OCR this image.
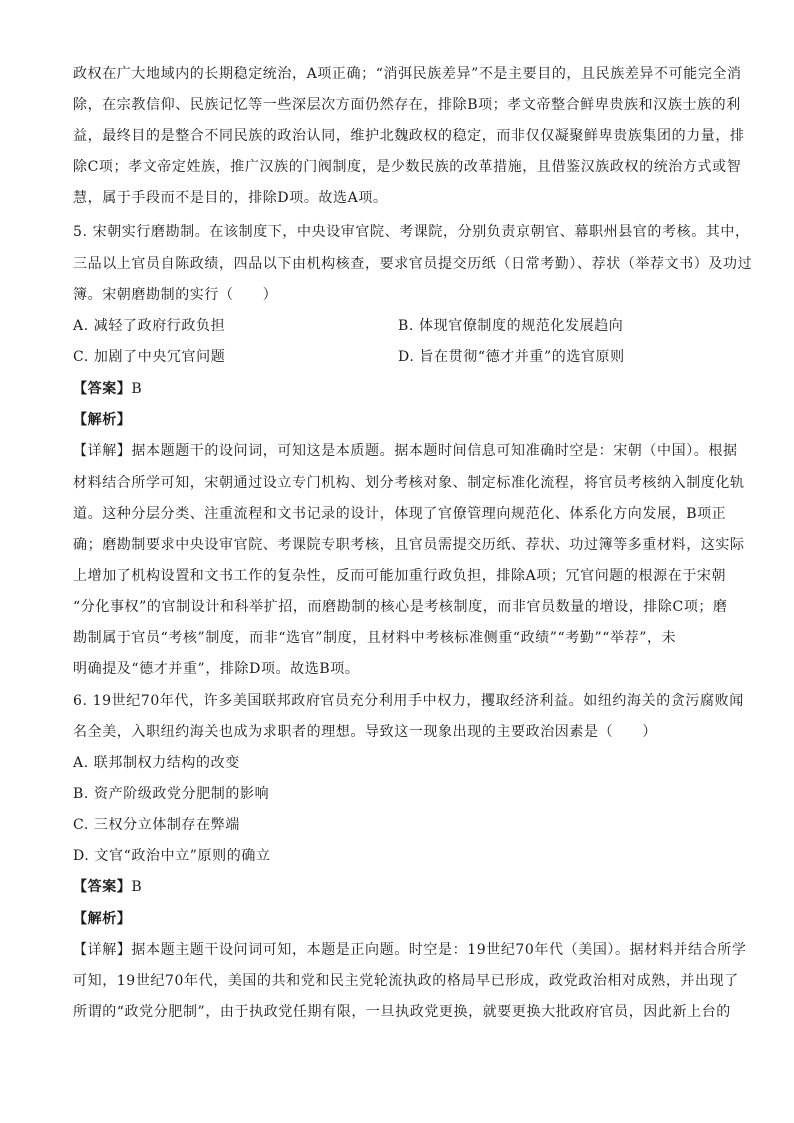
政权在广大地域内的长期稳定统治，A项正确；“消弭民族差异”不是主要目的，且民族差异不可能完全消
除，在宗教信仰、民族记忆等一些深层次方面仍然存在，排除B项；孝文帝整合鲜卑贵族和汉族士族的利
益，最终目的是整合不同民族的政治认同，维护北魏政权的稳定，而非仅仅凝聚鲜卑贵族集团的力量，排
除C项；孝文帝定姓族，推广汉族的门阀制度，是少数民族的改革措施，且借鉴汉族政权的统治方式或智
慧，属于手段而不是目的，排除D项。故选A项。
5. 宋朝实行磨勘制。在该制度下，中央设审官院、考课院，分别负责京朝官、幕职州县官的考核。其中，
三品以上官员自陈政绩，四品以下由机构核查，要求官员提交历纸（日常考勤）、荐状（举荐文书）及功过
簿。宋朝磨勘制的实行（　　）
A. 减轻了政府行政负担	B. 体现官僚制度的规范化发展趋向
C. 加剧了中央冗官问题	D. 旨在贯彻“德才并重”的选官原则
【答案】B
【解析】
【详解】据本题题干的设问词，可知这是本质题。据本题时间信息可知准确时空是：宋朝（中国）。根据
材料结合所学可知，宋朝通过设立专门机构、划分考核对象、制定标准化流程，将官员考核纳入制度化轨
道。这种分层分类、注重流程和文书记录的设计，体现了官僚管理向规范化、体系化方向发展，B项正
确；磨勘制要求中央设审官院、考课院专职考核，且官员需提交历纸、荐状、功过簿等多重材料，这实际
上增加了机构设置和文书工作的复杂性，反而可能加重行政负担，排除A项；冗官问题的根源在于宋朝
“分化事权”的官制设计和科举扩招，而磨勘制的核心是考核制度，而非官员数量的增设，排除C项；磨
勘制属于官员“考核”制度，而非“选官”制度，且材料中考核标准侧重“政绩”“考勤”“举荐”，未
明确提及“德才并重”，排除D项。故选B项。
6. 19世纪70年代，许多美国联邦政府官员充分利用手中权力，攫取经济利益。如纽约海关的贪污腐败闻
名全美，入职纽约海关也成为求职者的理想。导致这一现象出现的主要政治因素是（　　）
A. 联邦制权力结构的改变
B. 资产阶级政党分肥制的影响
C. 三权分立体制存在弊端
D. 文官“政治中立”原则的确立
【答案】B
【解析】
【详解】据本题主题干设问词可知，本题是正向题。时空是：19世纪70年代（美国）。据材料并结合所学
可知，19世纪70年代，美国的共和党和民主党轮流执政的格局早已形成，政党政治相对成熟，并出现了
所谓的“政党分肥制”，由于执政党任期有限，一旦执政党更换，就要更换大批政府官员，因此新上台的
